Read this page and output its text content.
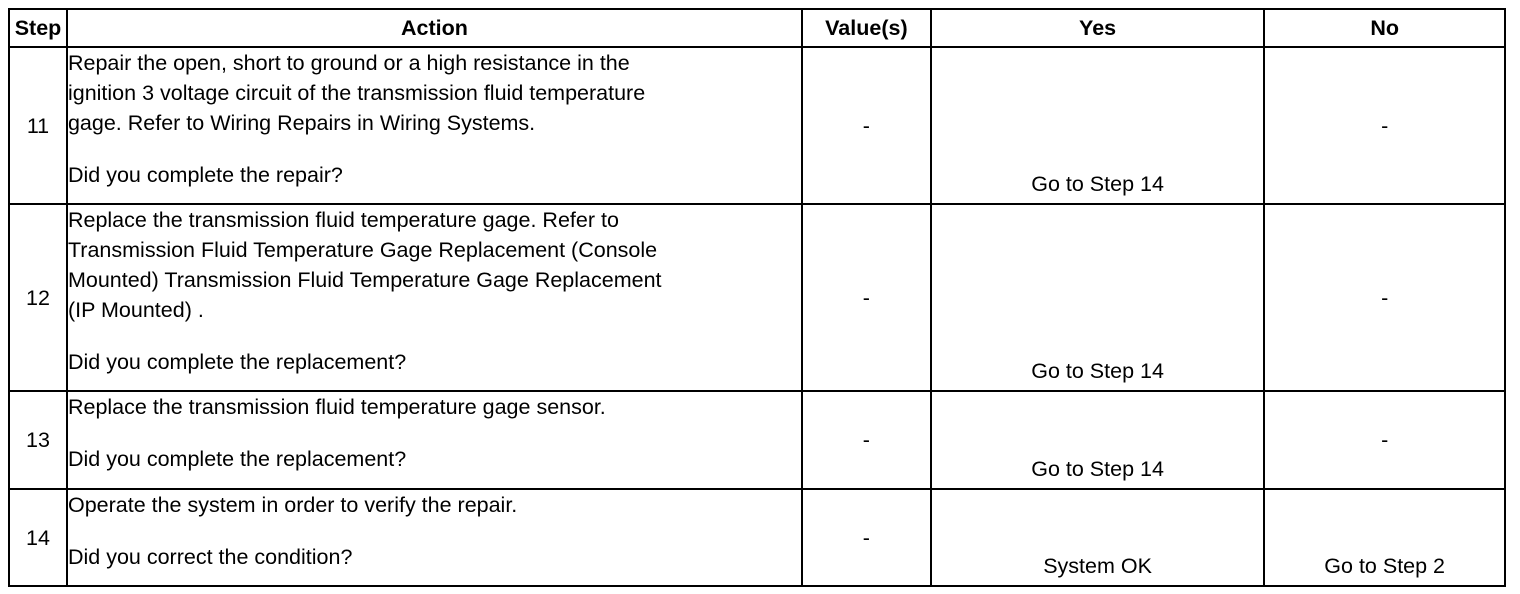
Step	Action	Value(s)	Yes	No
11	Repair the open, short to ground or a high resistance in the

ignition 3 voltage circuit of the transmission fluid temperature

gage. Refer to Wiring Repairs in Wiring Systems.

Did you complete the repair?	-	Go to Step 14	-
12	Replace the transmission fluid temperature gage. Refer to

Transmission Fluid Temperature Gage Replacement (Console

Mounted) Transmission Fluid Temperature Gage Replacement

(IP Mounted) .

Did you complete the replacement?	-	Go to Step 14	-
13	Replace the transmission fluid temperature gage sensor.

Did you complete the replacement?	-	Go to Step 14	-
14	Operate the system in order to verify the repair.

Did you correct the condition?	-	System OK	Go to Step 2
